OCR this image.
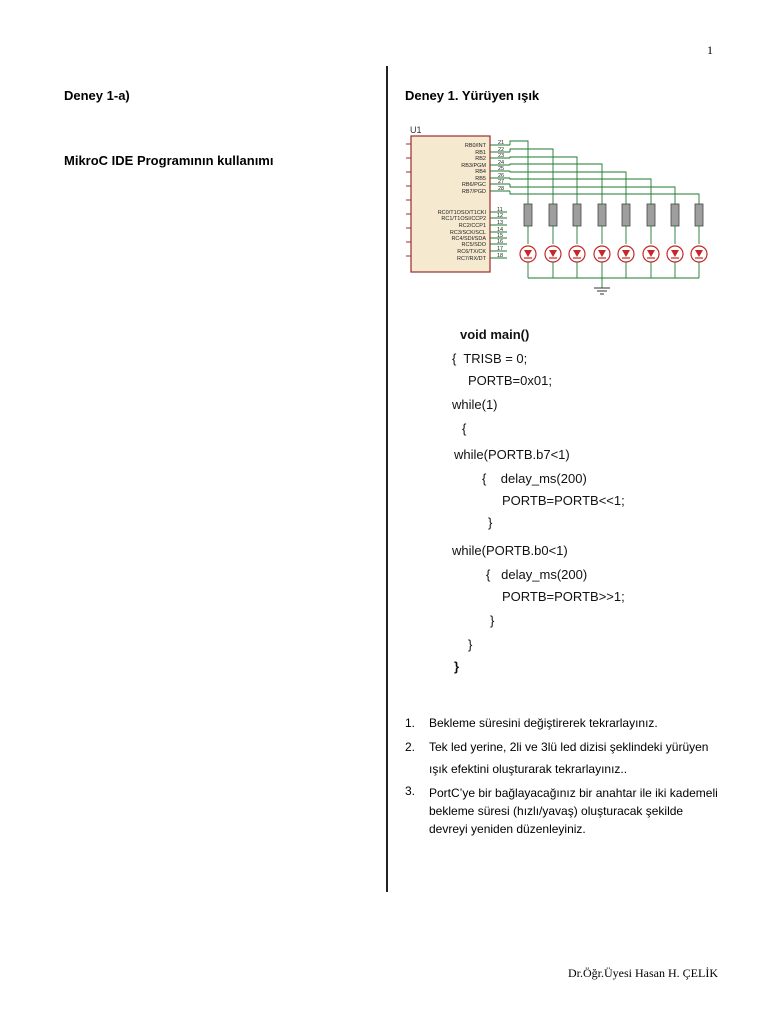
1

Deney 1-a)

MikroC IDE Programının kullanımı

Deney 1. Yürüyen ışık

U1
RB0/INT 21
RB1 22
RB2 23
RB3/PGM 24
RB4 25
RB5 26
RB6/PGC 27
RB7/PGD 28
RC0/T1OSO/T1CKI 11
RC1/T1OSI/CCP2 12
RC2/CCP1 13
RC3/SCK/SCL 14
RC4/SDI/SDA 15
RC5/SDO 16
RC6/TX/CK 17
RC7/RX/DT 18
void main()
{  TRISB = 0;
PORTB=0x01;
while(1)
{
while(PORTB.b7<1)
{    delay_ms(200)
PORTB=PORTB<<1;
}
while(PORTB.b0<1)
{   delay_ms(200)
PORTB=PORTB>>1;
}
}
}
1. Bekleme süresini değiştirerek tekrarlayınız.
2. Tek led yerine, 2li ve 3lü led dizisi şeklindeki yürüyen ışık efektini oluşturarak tekrarlayınız..
3. PortC’ye bir bağlayacağınız bir anahtar ile iki kademeli bekleme süresi (hızlı/yavaş) oluşturacak şekilde devreyi yeniden düzenleyiniz.
Dr.Öğr.Üyesi Hasan H. ÇELİK
